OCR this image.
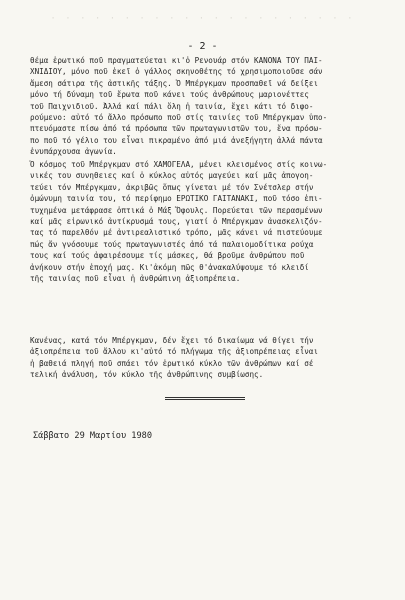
· · · · · · · · · · · · · · · · · · · · ·
- 2 -

θέμα ἐρωτικό ποῦ πραγματεύεται κι'ὁ Ρενουάρ στόν ΚΑΝΟΝΑ ΤΟΥ ΠΑΙ-
ΧΝΙΔΙΟΥ, μόνο ποῦ ἐκεῖ ὁ γάλλος σκηνοθέτης τό χρησιμοποιοῦσε σάν
ἄμεση σάτιρα τῆς ἀστικῆς τάξης. Ὁ Μπέργκμαν προσπαθεῖ νά δείξει
μόνο τή δύναμη τοῦ ἔρωτα ποῦ κάνει τούς ἀνθρώπους μαριονέττες
τοῦ Παιχνιδιοῦ. Ἀλλά καί πάλι ὅλη ἡ ταινία, ἔχει κάτι τό διφο-
ρούμενο: αὐτό τό ἄλλο πρόσωπο ποῦ στίς ταινίες τοῦ Μπέργκμαν ὑπο-
πτευόμαστε πίσω ἀπό τά πρόσωπα τῶν πρωταγωνιστῶν του, ἕνα πρόσω-
πο ποῦ τό γέλιο του εἶναι πικραμένο ἀπό μιά ἀνεξήγητη ἀλλά πάντα
ἐνυπάρχουσα ἀγωνία.

Ὁ κόσμος τοῦ Μπέργκμαν στό ΧΑΜΟΓΕΛΑ, μένει κλεισμένος στίς κοινω-
νικές του συνηθειες καί ὁ κύκλος αὐτός μαγεύει καί μᾶς ἀπογοη-
τεύει τόν Μπέργκμαν, ἀκριβῶς ὅπως γίνεται μέ τόν Σνέτσλερ στήν
ὁμώνυμη ταινία του, τό περίφημο ΕΡΩΤΙΚΟ ΓΑΙΤΑΝΑΚΙ, ποῦ τόσο ἐπι-
τυχημένα μετάφρασε ὀπτικά ὁ Μάξ Ὄφουλς. Πορεύεται τῶν περασμένων
καί μᾶς εἰρωνικό ἀντίκρυσμά τους, γιατί ὁ Μπέργκμαν ἀνασκελιζόν-
τας τό παρελθόν μέ ἀντιρεαλιστικό τρόπο, μᾶς κάνει νά πιστεύουμε
πώς ἄν γνόσουμε τούς πρωταγωνιστές ἀπό τά παλαιομοδίτικα ρούχα
τους καί τούς ἀφαιρέσουμε τίς μάσκες, θά βροῦμε ἀνθρώπου ποῦ
ἀνήκουν στήν ἐποχή μας. Κι'ἀκόμη πῶς θ'ἀνακαλύψουμε τό κλειδί
τῆς ταινίας ποῦ εἶναι ἡ ἀνθρώπινη ἀξιοπρέπεια.

Κανένας, κατά τόν Μπέργκμαν, δέν ἔχει τό δικαίωμα νά θίγει τήν
ἀξιοπρέπεια τοῦ ἄλλου κι'αὐτό τό πλήγωμα τῆς ἀξιοπρέπειας εἶναι
ἡ βαθειά πληγή ποῦ σπάει τόν ἐρωτικό κύκλο τῶν ἀνθρώπων καί σέ
τελική ἀνάλυση, τόν κύκλο τῆς ἀνθρώπινης συμβίωσης.

Σάββατο 29 Μαρτίου 1980
